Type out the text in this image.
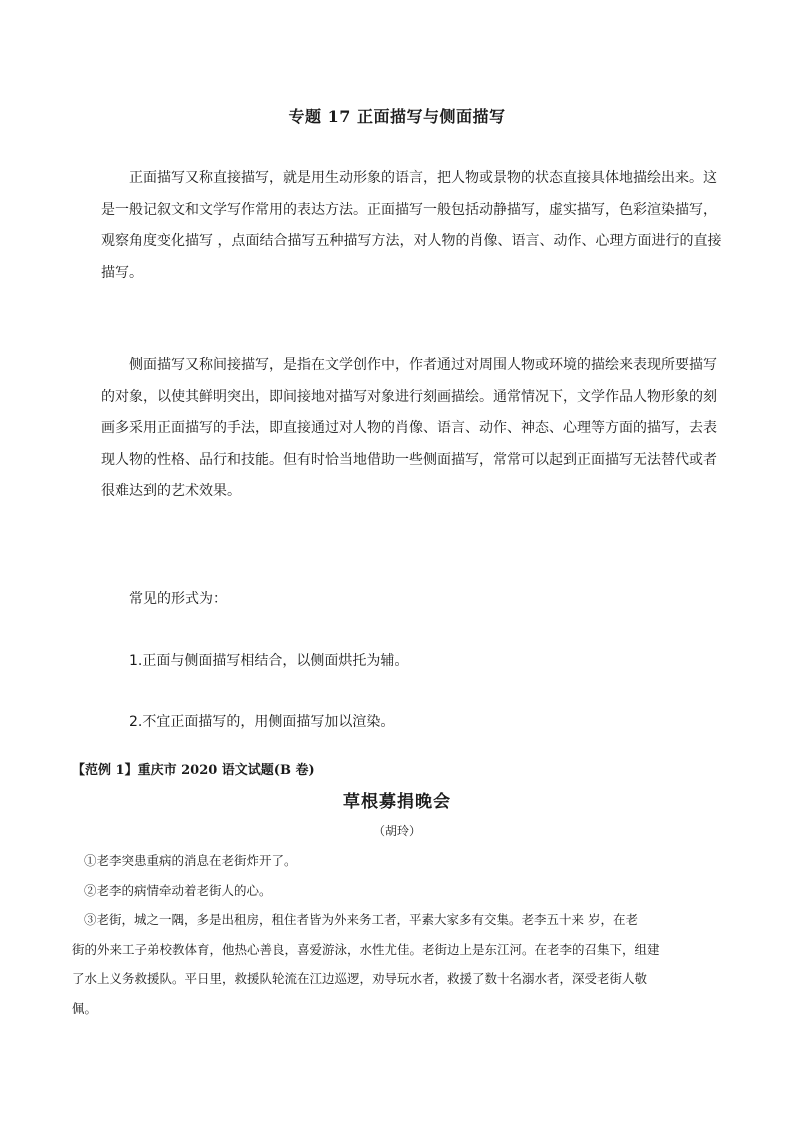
专题 17 正面描写与侧面描写
正面描写又称直接描写，就是用生动形象的语言，把人物或景物的状态直接具体地描绘出来。这
是一般记叙文和文学写作常用的表达方法。正面描写一般包括动静描写，虚实描写，色彩渲染描写，
观察角度变化描写 ，点面结合描写五种描写方法，对人物的肖像、语言、动作、心理方面进行的直接
描写。
侧面描写又称间接描写，是指在文学创作中，作者通过对周围人物或环境的描绘来表现所要描写
的对象，以使其鲜明突出，即间接地对描写对象进行刻画描绘。通常情况下，文学作品人物形象的刻
画多采用正面描写的手法，即直接通过对人物的肖像、语言、动作、神态、心理等方面的描写，去表
现人物的性格、品行和技能。但有时恰当地借助一些侧面描写，常常可以起到正面描写无法替代或者
很难达到的艺术效果。
常见的形式为：
1.正面与侧面描写相结合，以侧面烘托为辅。
2.不宜正面描写的，用侧面描写加以渲染。
【范例 1】重庆市 2020 语文试题(B 卷)
草根募捐晚会
（胡玲）
①老李突患重病的消息在老街炸开了。
②老李的病情牵动着老街人的心。
③老街，城之一隅，多是出租房，租住者皆为外来务工者，平素大家多有交集。老李五十来 岁，在老
街的外来工子弟校教体育，他热心善良，喜爱游泳，水性尤佳。老街边上是东江河。在老李的召集下，组建
了水上义务救援队。平日里，救援队轮流在江边巡逻，劝导玩水者，救援了数十名溺水者，深受老街人敬
佩。
